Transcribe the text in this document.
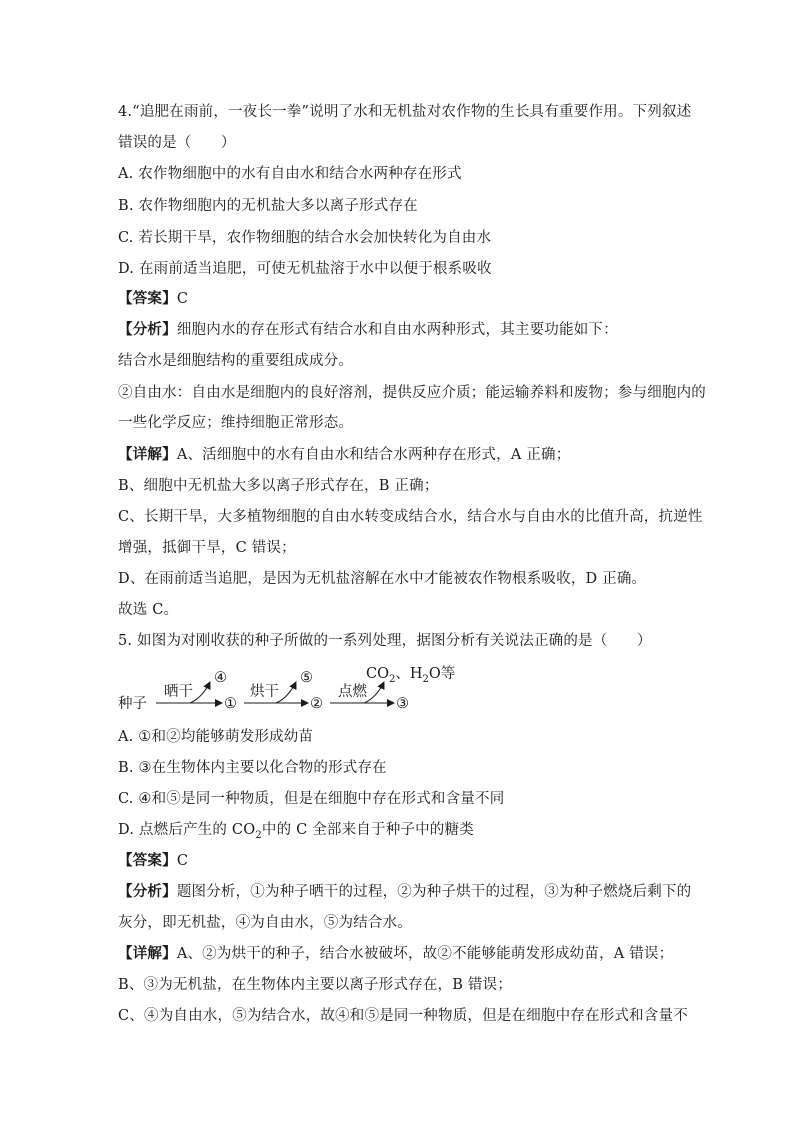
4.“追肥在雨前，一夜长一拳”说明了水和无机盐对农作物的生长具有重要作用。下列叙述
错误的是（　　）
A. 农作物细胞中的水有自由水和结合水两种存在形式
B. 农作物细胞内的无机盐大多以离子形式存在
C. 若长期干旱，农作物细胞的结合水会加快转化为自由水
D. 在雨前适当追肥，可使无机盐溶于水中以便于根系吸收
【答案】C
【分析】细胞内水的存在形式有结合水和自由水两种形式，其主要功能如下：
结合水是细胞结构的重要组成成分。
②自由水：自由水是细胞内的良好溶剂，提供反应介质；能运输养料和废物；参与细胞内的
一些化学反应；维持细胞正常形态。
【详解】A、活细胞中的水有自由水和结合水两种存在形式，A 正确；
B、细胞中无机盐大多以离子形式存在，B 正确；
C、长期干旱，大多植物细胞的自由水转变成结合水，结合水与自由水的比值升高，抗逆性
增强，抵御干旱，C 错误；
D、在雨前适当追肥，是因为无机盐溶解在水中才能被农作物根系吸收，D 正确。
故选 C。
5. 如图为对刚收获的种子所做的一系列处理，据图分析有关说法正确的是（　　）
种子
晒干
④
①
烘干
⑤
②
点燃
$CO_2$、$H_2O$等
③
A. ①和②均能够萌发形成幼苗
B. ③在生物体内主要以化合物的形式存在
C. ④和⑤是同一种物质，但是在细胞中存在形式和含量不同
D. 点燃后产生的 $CO_2$中的 C 全部来自于种子中的糖类
【答案】C
【分析】题图分析，①为种子晒干的过程，②为种子烘干的过程，③为种子燃烧后剩下的
灰分，即无机盐，④为自由水，⑤为结合水。
【详解】A、②为烘干的种子，结合水被破坏，故②不能够能萌发形成幼苗，A 错误；
B、③为无机盐，在生物体内主要以离子形式存在，B 错误；
C、④为自由水，⑤为结合水，故④和⑤是同一种物质，但是在细胞中存在形式和含量不
